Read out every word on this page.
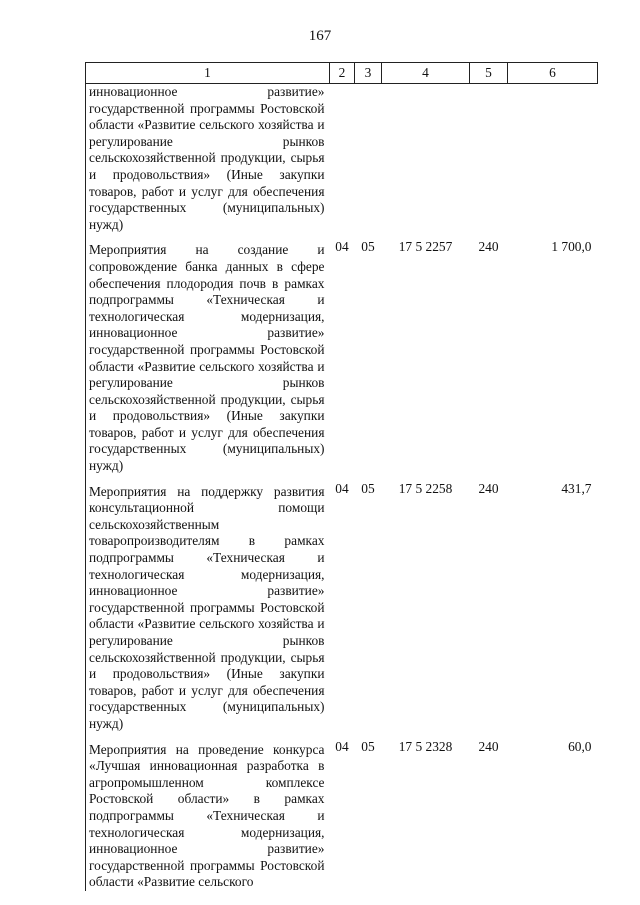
167
1	2	3	4	5	6
инновационное развитие» государственной программы Ростовской области «Развитие сельского хозяйства и регулирование рынков сельскохозяйственной продукции, сырья и продовольствия» (Иные закупки товаров, работ и услуг для обеспечения государственных (муниципальных) нужд)					
Мероприятия на создание и сопровождение банка данных в сфере обеспечения плодородия почв в рамках подпрограммы «Техническая и технологическая модернизация, инновационное развитие» государственной программы Ростовской области «Развитие сельского хозяйства и регулирование рынков сельскохозяйственной продукции, сырья и продовольствия» (Иные закупки товаров, работ и услуг для обеспечения государственных (муниципальных) нужд)	04	05	17 5 2257	240	1 700,0
Мероприятия на поддержку развития консультационной помощи сельскохозяйственным товаропроизводителям в рамках подпрограммы «Техническая и технологическая модернизация, инновационное развитие» государственной программы Ростовской области «Развитие сельского хозяйства и регулирование рынков сельскохозяйственной продукции, сырья и продовольствия» (Иные закупки товаров, работ и услуг для обеспечения государственных (муниципальных) нужд)	04	05	17 5 2258	240	431,7
Мероприятия на проведение конкурса «Лучшая инновационная разработка в агропромышленном комплексе Ростовской области» в рамках подпрограммы «Техническая и технологическая модернизация, инновационное развитие» государственной программы Ростовской области «Развитие сельского	04	05	17 5 2328	240	60,0
